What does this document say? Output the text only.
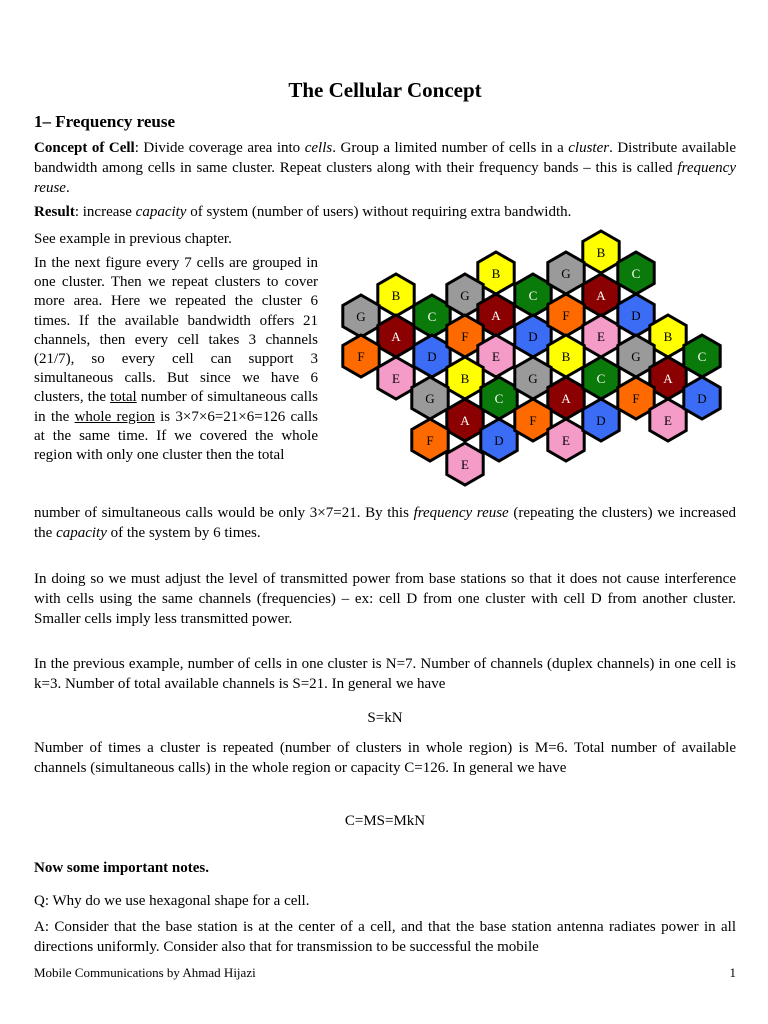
The Cellular Concept
1– Frequency reuse

Concept of Cell: Divide coverage area into cells. Group a limited number of cells in a cluster. Distribute available bandwidth among cells in same cluster. Repeat clusters along with their frequency bands – this is called frequency reuse.

Result: increase capacity of system (number of users) without requiring extra bandwidth.

See example in previous chapter.

In the next figure every 7 cells are grouped in one cluster. Then we repeat clusters to cover more area. Here we repeated the cluster 6 times. If the available bandwidth offers 21 channels, then every cell takes 3 channels (21/7), so every cell can support 3 simultaneous calls. But since we have 6 clusters, the total number of simultaneous calls in the whole region is 3×7×6=21×6=126 calls at the same time. If we covered the whole region with only one cluster then the total

number of simultaneous calls would be only 3×7=21. By this frequency reuse (repeating the clusters) we increased the capacity of the system by 6 times.

In doing so we must adjust the level of transmitted power from base stations so that it does not cause interference with cells using the same channels (frequencies) – ex: cell D from one cluster with cell D from another cluster. Smaller cells imply less transmitted power.

In the previous example, number of cells in one cluster is N=7. Number of channels (duplex channels) in one cell is k=3. Number of total available channels is S=21. In general we have

S=kN

Number of times a cluster is repeated (number of clusters in whole region) is M=6. Total number of available channels (simultaneous calls) in the whole region or capacity C=126. In general we have

C=MS=MkN

Now some important notes.

Q: Why do we use hexagonal shape for a cell.

A: Consider that the base station is at the center of a cell, and that the base station antenna radiates power in all directions uniformly. Consider also that for transmission to be successful the mobile

Mobile Communications by Ahmad Hijazi	1
B
G
A
C
F
E
D
B
G
A
C
F
E
D
B
G
A
C
F
E
D
B
G
A
C
F
E
D
B
G
A
C
F
E
D
B
G
A
C
F
E
D
